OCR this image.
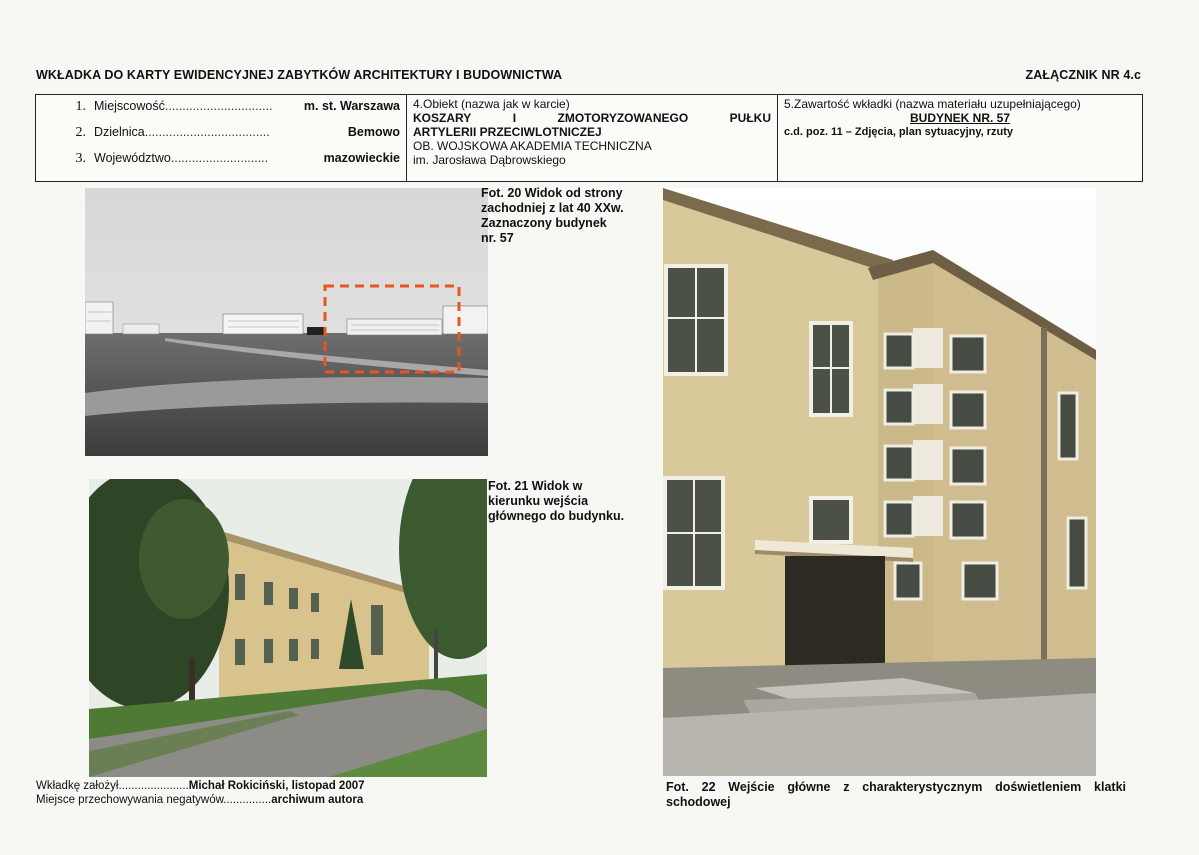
WKŁADKA DO KARTY EWIDENCYJNEJ ZABYTKÓW ARCHITEKTURY I BUDOWNICTWA	ZAŁĄCZNIK NR 4.c
1. Miejscowość ...............................	m. st. Warszawa
2. Dzielnica ....................................	Bemowo
3. Województwo ............................	mazowieckie
4.Obiekt (nazwa jak w karcie)
KOSZARY	I	ZMOTORYZOWANEGO	PUŁKU
ARTYLERII PRZECIWLOTNICZEJ
OB. WOJSKOWA AKADEMIA TECHNICZNA
im. Jarosława Dąbrowskiego
5.Zawartość wkładki (nazwa materiału uzupełniającego)
BUDYNEK NR. 57
c.d. poz. 11 – Zdjęcia, plan sytuacyjny, rzuty
Fot. 20 Widok od strony
zachodniej z lat 40 XXw.
Zaznaczony budynek
nr. 57
Fot. 21 Widok w
kierunku wejścia
głównego do budynku.
Fot. 22 Wejście główne z charakterystycznym doświetleniem klatki
schodowej
Wkładkę założył......................Michał Rokiciński, listopad 2007
Miejsce przechowywania negatywów...............archiwum autora
